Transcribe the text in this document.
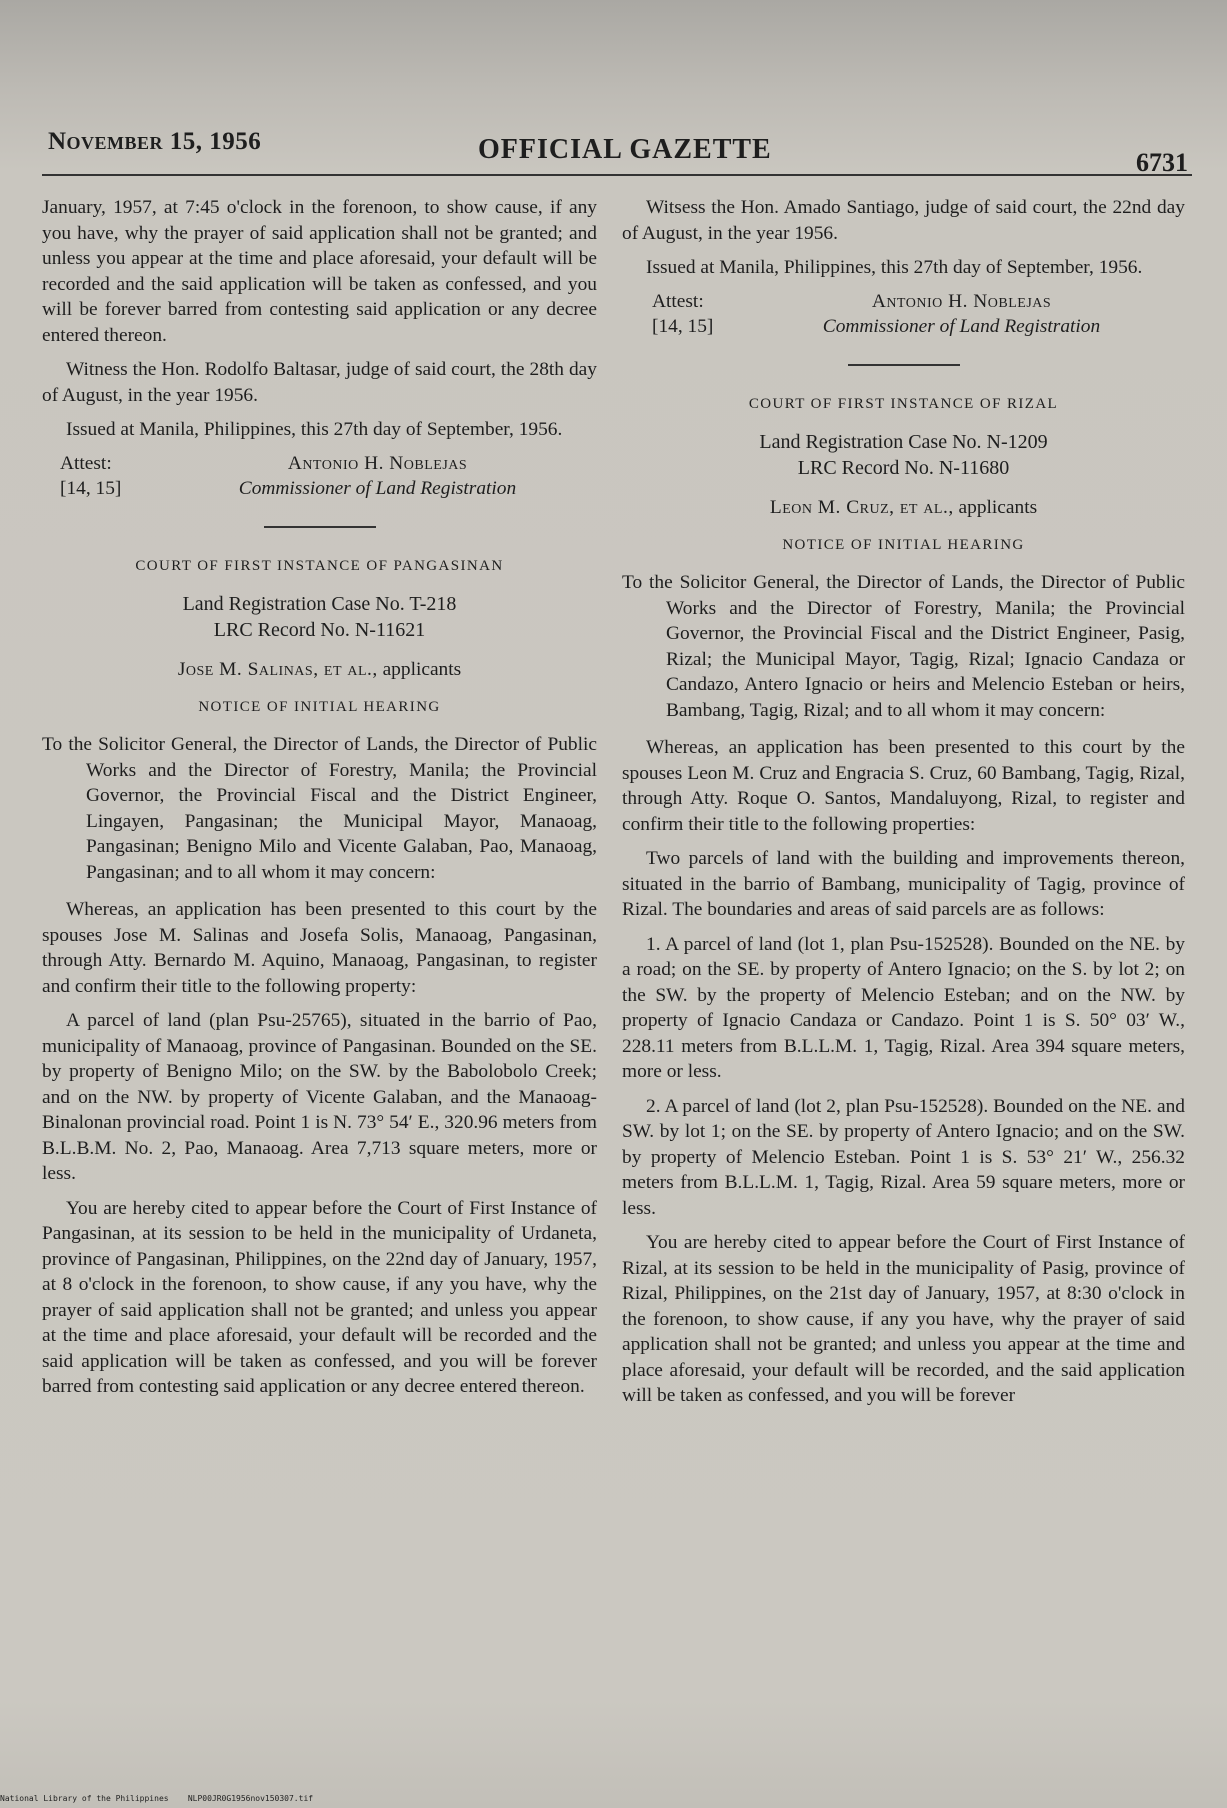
November 15, 1956	OFFICIAL GAZETTE	6731

January, 1957, at 7:45 o'clock in the forenoon, to show cause, if any you have, why the prayer of said application shall not be granted; and unless you appear at the time and place aforesaid, your default will be recorded and the said application will be taken as confessed, and you will be forever barred from contesting said application or any decree entered thereon.

Witness the Hon. Rodolfo Baltasar, judge of said court, the 28th day of August, in the year 1956.

Issued at Manila, Philippines, this 27th day of September, 1956.

Attest:
[14, 15]
Antonio H. Noblejas
Commissioner of Land Registration
COURT OF FIRST INSTANCE OF PANGASINAN
Land Registration Case No. T-218
LRC Record No. N-11621
Jose M. Salinas, et al., applicants
NOTICE OF INITIAL HEARING

To the Solicitor General, the Director of Lands, the Director of Public Works and the Director of Forestry, Manila; the Provincial Governor, the Provincial Fiscal and the District Engineer, Lingayen, Pangasinan; the Municipal Mayor, Manaoag, Pangasinan; Benigno Milo and Vicente Galaban, Pao, Manaoag, Pangasinan; and to all whom it may concern:

Whereas, an application has been presented to this court by the spouses Jose M. Salinas and Josefa Solis, Manaoag, Pangasinan, through Atty. Bernardo M. Aquino, Manaoag, Pangasinan, to register and confirm their title to the following property:

A parcel of land (plan Psu-25765), situated in the barrio of Pao, municipality of Manaoag, province of Pangasinan. Bounded on the SE. by property of Benigno Milo; on the SW. by the Babolobolo Creek; and on the NW. by property of Vicente Galaban, and the Manaoag-Binalonan provincial road. Point 1 is N. 73° 54′ E., 320.96 meters from B.L.B.M. No. 2, Pao, Manaoag. Area 7,713 square meters, more or less.

You are hereby cited to appear before the Court of First Instance of Pangasinan, at its session to be held in the municipality of Urdaneta, province of Pangasinan, Philippines, on the 22nd day of January, 1957, at 8 o'clock in the forenoon, to show cause, if any you have, why the prayer of said application shall not be granted; and unless you appear at the time and place aforesaid, your default will be recorded and the said application will be taken as confessed, and you will be forever barred from contesting said application or any decree entered thereon.

Witsess the Hon. Amado Santiago, judge of said court, the 22nd day of August, in the year 1956.

Issued at Manila, Philippines, this 27th day of September, 1956.

Attest:
[14, 15]
Antonio H. Noblejas
Commissioner of Land Registration
COURT OF FIRST INSTANCE OF RIZAL
Land Registration Case No. N-1209
LRC Record No. N-11680
Leon M. Cruz, et al., applicants
NOTICE OF INITIAL HEARING

To the Solicitor General, the Director of Lands, the Director of Public Works and the Director of Forestry, Manila; the Provincial Governor, the Provincial Fiscal and the District Engineer, Pasig, Rizal; the Municipal Mayor, Tagig, Rizal; Ignacio Candaza or Candazo, Antero Ignacio or heirs and Melencio Esteban or heirs, Bambang, Tagig, Rizal; and to all whom it may concern:

Whereas, an application has been presented to this court by the spouses Leon M. Cruz and Engracia S. Cruz, 60 Bambang, Tagig, Rizal, through Atty. Roque O. Santos, Mandaluyong, Rizal, to register and confirm their title to the following properties:

Two parcels of land with the building and improvements thereon, situated in the barrio of Bambang, municipality of Tagig, province of Rizal. The boundaries and areas of said parcels are as follows:

1. A parcel of land (lot 1, plan Psu-152528). Bounded on the NE. by a road; on the SE. by property of Antero Ignacio; on the S. by lot 2; on the SW. by the property of Melencio Esteban; and on the NW. by property of Ignacio Candaza or Candazo. Point 1 is S. 50° 03′ W., 228.11 meters from B.L.L.M. 1, Tagig, Rizal. Area 394 square meters, more or less.

2. A parcel of land (lot 2, plan Psu-152528). Bounded on the NE. and SW. by lot 1; on the SE. by property of Antero Ignacio; and on the SW. by property of Melencio Esteban. Point 1 is S. 53° 21′ W., 256.32 meters from B.L.L.M. 1, Tagig, Rizal. Area 59 square meters, more or less.

You are hereby cited to appear before the Court of First Instance of Rizal, at its session to be held in the municipality of Pasig, province of Rizal, Philippines, on the 21st day of January, 1957, at 8:30 o'clock in the forenoon, to show cause, if any you have, why the prayer of said application shall not be granted; and unless you appear at the time and place aforesaid, your default will be recorded, and the said application will be taken as confessed, and you will be forever

National Library of the Philippines NLP00JR0G1956nov150307.tif
